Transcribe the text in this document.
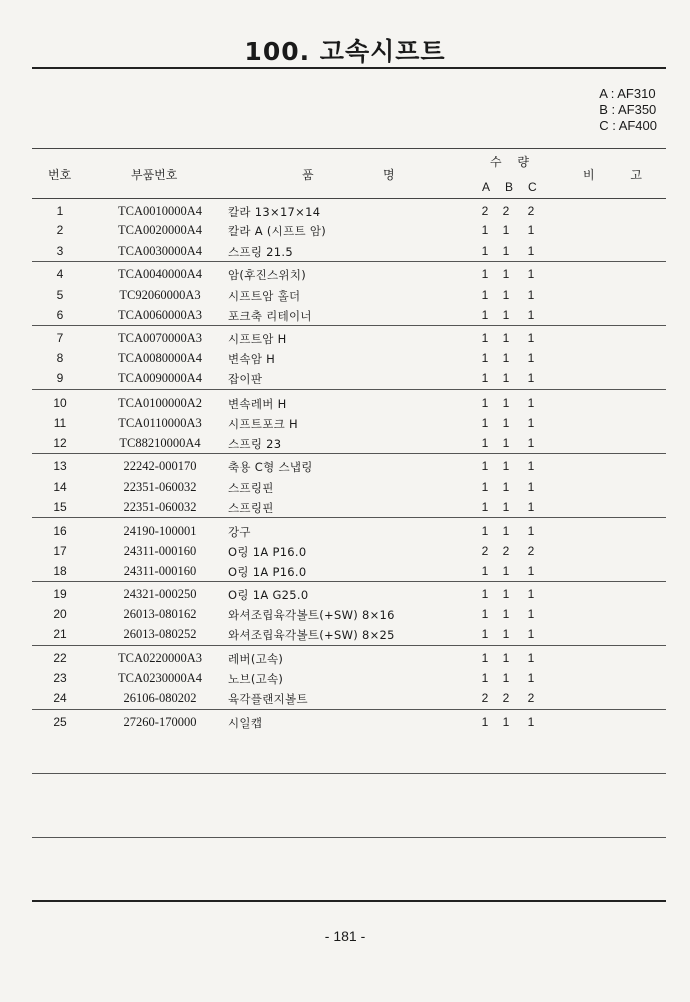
100. 고속시프트
A : AF310
B : AF350
C : AF400
번호	부품번호	품	명
수 량
A B C
비 고
1	TCA0010000A4	칼라 13×17×14	2 2 2
2	TCA0020000A4	칼라 A (시프트 암)	1 1 1
3	TCA0030000A4	스프링 21.5	1 1 1
4	TCA0040000A4	암(후진스위치)	1 1 1
5	TC92060000A3	시프트암 홀더	1 1 1
6	TCA0060000A3	포크축 리테이너	1 1 1
7	TCA0070000A3	시프트암 H	1 1 1
8	TCA0080000A4	변속암 H	1 1 1
9	TCA0090000A4	잡이판	1 1 1
10	TCA0100000A2	변속레버 H	1 1 1
11	TCA0110000A3	시프트포크 H	1 1 1
12	TC88210000A4	스프링 23	1 1 1
13	22242-000170	축용 C형 스냅링	1 1 1
14	22351-060032	스프링핀	1 1 1
15	22351-060032	스프링핀	1 1 1
16	24190-100001	강구	1 1 1
17	24311-000160	O링 1A P16.0	2 2 2
18	24311-000160	O링 1A P16.0	1 1 1
19	24321-000250	O링 1A G25.0	1 1 1
20	26013-080162	와셔조립육각볼트(+SW) 8×16	1 1 1
21	26013-080252	와셔조립육각볼트(+SW) 8×25	1 1 1
22	TCA0220000A3	레버(고속)	1 1 1
23	TCA0230000A4	노브(고속)	1 1 1
24	26106-080202	육각플랜지볼트	2 2 2
25	27260-170000	시일캡	1 1 1
- 181 -
